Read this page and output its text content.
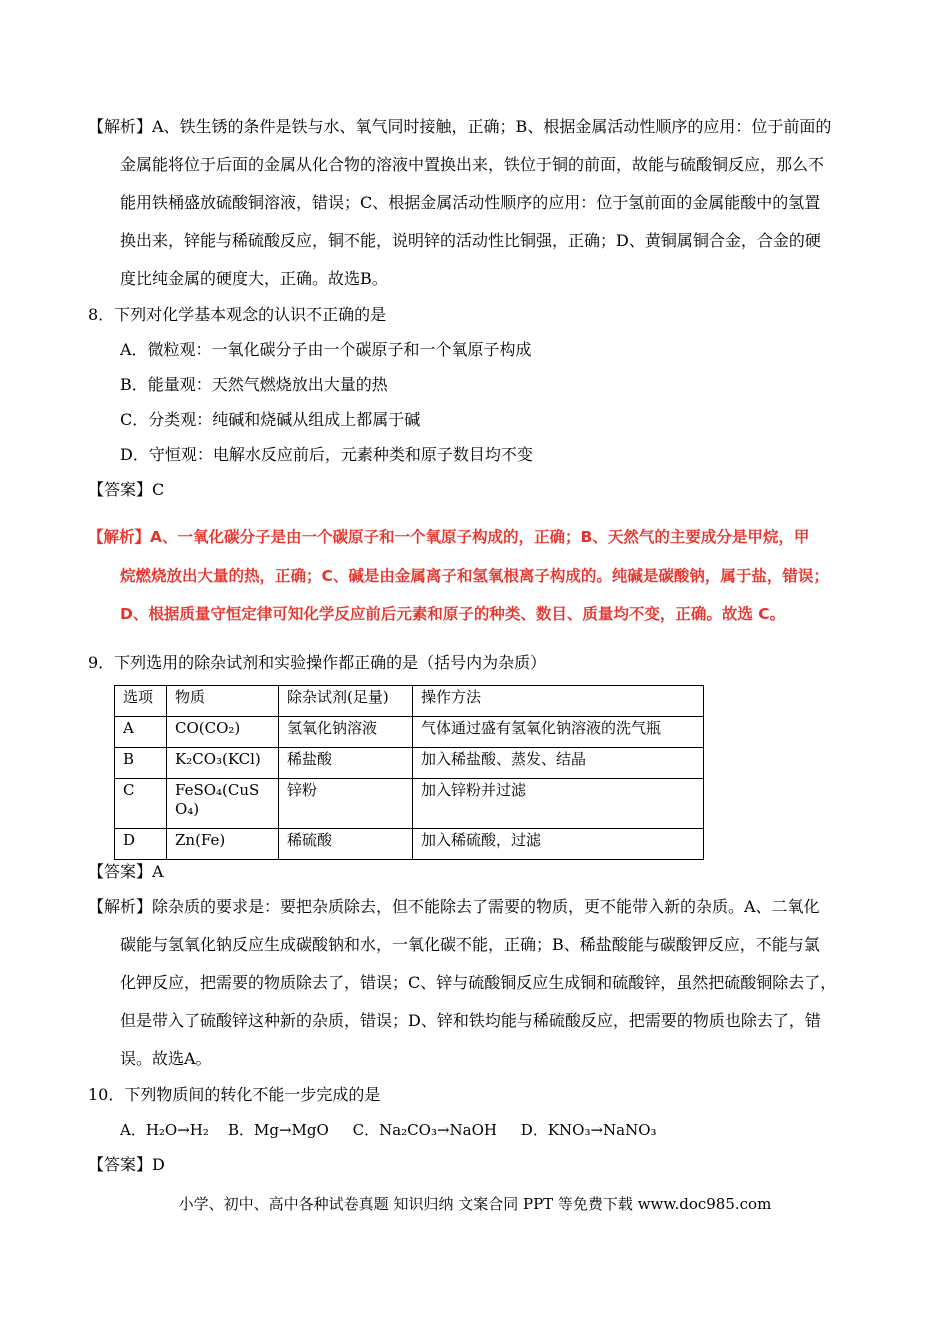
【解析】A、铁生锈的条件是铁与水、氧气同时接触，正确；B、根据金属活动性顺序的应用：位于前面的
金属能将位于后面的金属从化合物的溶液中置换出来，铁位于铜的前面，故能与硫酸铜反应，那么不
能用铁桶盛放硫酸铜溶液，错误；C、根据金属活动性顺序的应用：位于氢前面的金属能酸中的氢置
换出来，锌能与稀硫酸反应，铜不能，说明锌的活动性比铜强，正确；D、黄铜属铜合金，合金的硬
度比纯金属的硬度大，正确。故选B。
8．下列对化学基本观念的认识不正确的是
A．微粒观：一氧化碳分子由一个碳原子和一个氧原子构成
B．能量观：天然气燃烧放出大量的热
C．分类观：纯碱和烧碱从组成上都属于碱
D．守恒观：电解水反应前后，元素种类和原子数目均不变
【答案】C
【解析】A、一氧化碳分子是由一个碳原子和一个氧原子构成的，正确；B、天然气的主要成分是甲烷，甲
烷燃烧放出大量的热，正确；C、碱是由金属离子和氢氧根离子构成的。纯碱是碳酸钠，属于盐，错误；
D、根据质量守恒定律可知化学反应前后元素和原子的种类、数目、质量均不变，正确。故选 C。
9．下列选用的除杂试剂和实验操作都正确的是（括号内为杂质）
选项	物质	除杂试剂(足量)	操作方法
A	CO(CO₂)	氢氧化钠溶液	气体通过盛有氢氧化钠溶液的洗气瓶
B	K₂CO₃(KCl)	稀盐酸	加入稀盐酸、蒸发、结晶
C	FeSO₄(CuSO₄)	锌粉	加入锌粉并过滤
D	Zn(Fe)	稀硫酸	加入稀硫酸，过滤
【答案】A
【解析】除杂质的要求是：要把杂质除去，但不能除去了需要的物质，更不能带入新的杂质。A、二氧化
碳能与氢氧化钠反应生成碳酸钠和水，一氧化碳不能，正确；B、稀盐酸能与碳酸钾反应，不能与氯
化钾反应，把需要的物质除去了，错误；C、锌与硫酸铜反应生成铜和硫酸锌，虽然把硫酸铜除去了，
但是带入了硫酸锌这种新的杂质，错误；D、锌和铁均能与稀硫酸反应，把需要的物质也除去了，错
误。故选A。
10．下列物质间的转化不能一步完成的是
A．H₂O→H₂    B．Mg→MgO     C．Na₂CO₃→NaOH     D．KNO₃→NaNO₃
【答案】D
小学、初中、高中各种试卷真题 知识归纳 文案合同 PPT 等免费下载 www.doc985.com
